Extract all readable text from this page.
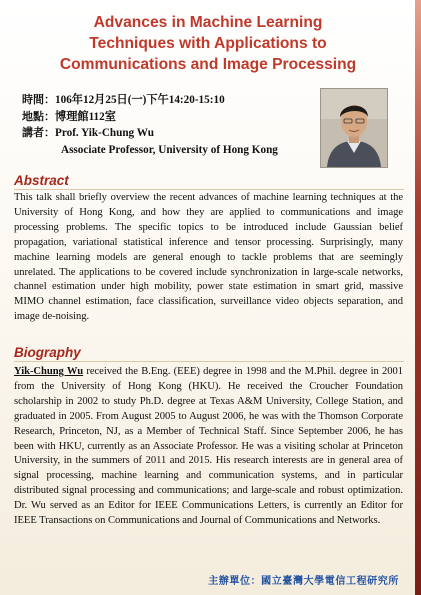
Advances in Machine Learning
Techniques with Applications to
Communications and Image Processing
時間： 106年12月25日(一)下午14:20-15:10
地點： 博理館112室
講者： Prof. Yik-Chung Wu
Associate Professor, University of Hong Kong
Abstract
This talk shall briefly overview the recent advances of machine learning techniques at the University of Hong Kong, and how they are applied to communications and image processing problems. The specific topics to be introduced include Gaussian belief propagation, variational statistical inference and tensor processing. Surprisingly, many machine learning models are general enough to tackle problems that are seemingly unrelated. The applications to be covered include synchronization in large-scale networks, channel estimation under high mobility, power state estimation in smart grid, massive MIMO channel estimation, face classification, surveillance video objects separation, and image de-noising.
Biography
Yik-Chung Wu received the B.Eng. (EEE) degree in 1998 and the M.Phil. degree in 2001 from the University of Hong Kong (HKU). He received the Croucher Foundation scholarship in 2002 to study Ph.D. degree at Texas A&M University, College Station, and graduated in 2005. From August 2005 to August 2006, he was with the Thomson Corporate Research, Princeton, NJ, as a Member of Technical Staff. Since September 2006, he has been with HKU, currently as an Associate Professor. He was a visiting scholar at Princeton University, in the summers of 2011 and 2015. His research interests are in general area of signal processing, machine learning and communication systems, and in particular distributed signal processing and communications; and large-scale and robust optimization. Dr. Wu served as an Editor for IEEE Communications Letters, is currently an Editor for IEEE Transactions on Communications and Journal of Communications and Networks.
主辦單位：國立臺灣大學電信工程研究所
